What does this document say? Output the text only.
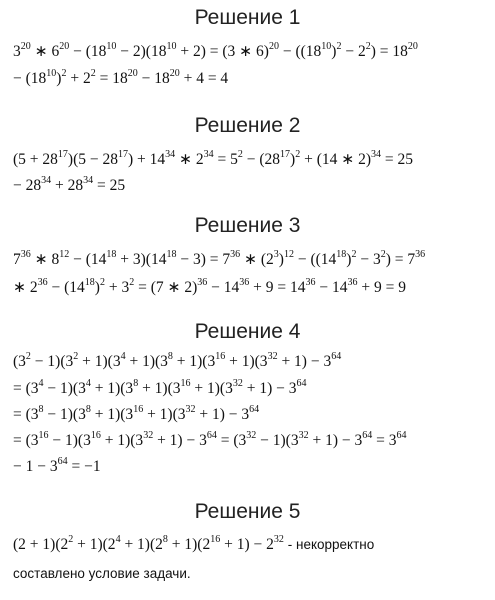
Решение 1
$3^{20}$ ∗ $6^{20} - (18^{10} - 2)(18^{10} + 2) = (3$ ∗ $6)^{20} - ((18^{10})^2 - 2^2) = 18^{20}$
− $(18^{10})^2 + 2^2 = 18^{20} - 18^{20} + 4 = 4$
Решение 2
$(5 + 28^{17})(5 - 28^{17}) + 14^{34}$ ∗ $2^{34} = 5^2 - (28^{17})^2 + (14$ ∗ 2)$^{34}$ = 25
− $28^{34} + 28^{34} = 25$
Решение 3
$7^{36}$ ∗ $8^{12} - (14^{18} + 3)(14^{18} - 3) = 7^{36}$ ∗ $(2^3)^{12} - ((14^{18})^2 - 3^2) = 7^{36}$
∗ $2^{36} - (14^{18})^2 + 3^2 = (7$ ∗ $2)^{36} - 14^{36} + 9 = 14^{36} - 14^{36} + 9 = 9$
Решение 4
$(3^2 - 1)(3^2 + 1)(3^4 + 1)(3^8 + 1)(3^{16} + 1)(3^{32} + 1) - 3^{64}$
= $(3^4 - 1)(3^4 + 1)(3^8 + 1)(3^{16} + 1)(3^{32} + 1) - 3^{64}$
= $(3^8 - 1)(3^8 + 1)(3^{16} + 1)(3^{32} + 1) - 3^{64}$
= $(3^{16} - 1)(3^{16} + 1)(3^{32} + 1) - 3^{64} = (3^{32} - 1)(3^{32} + 1) - 3^{64} = 3^{64}$
− $1 - 3^{64} = -1$
Решение 5
$(2 + 1)(2^2 + 1)(2^4 + 1)(2^8 + 1)(2^{16} + 1) - 2^{32}$ - некорректно
составлено условие задачи.
